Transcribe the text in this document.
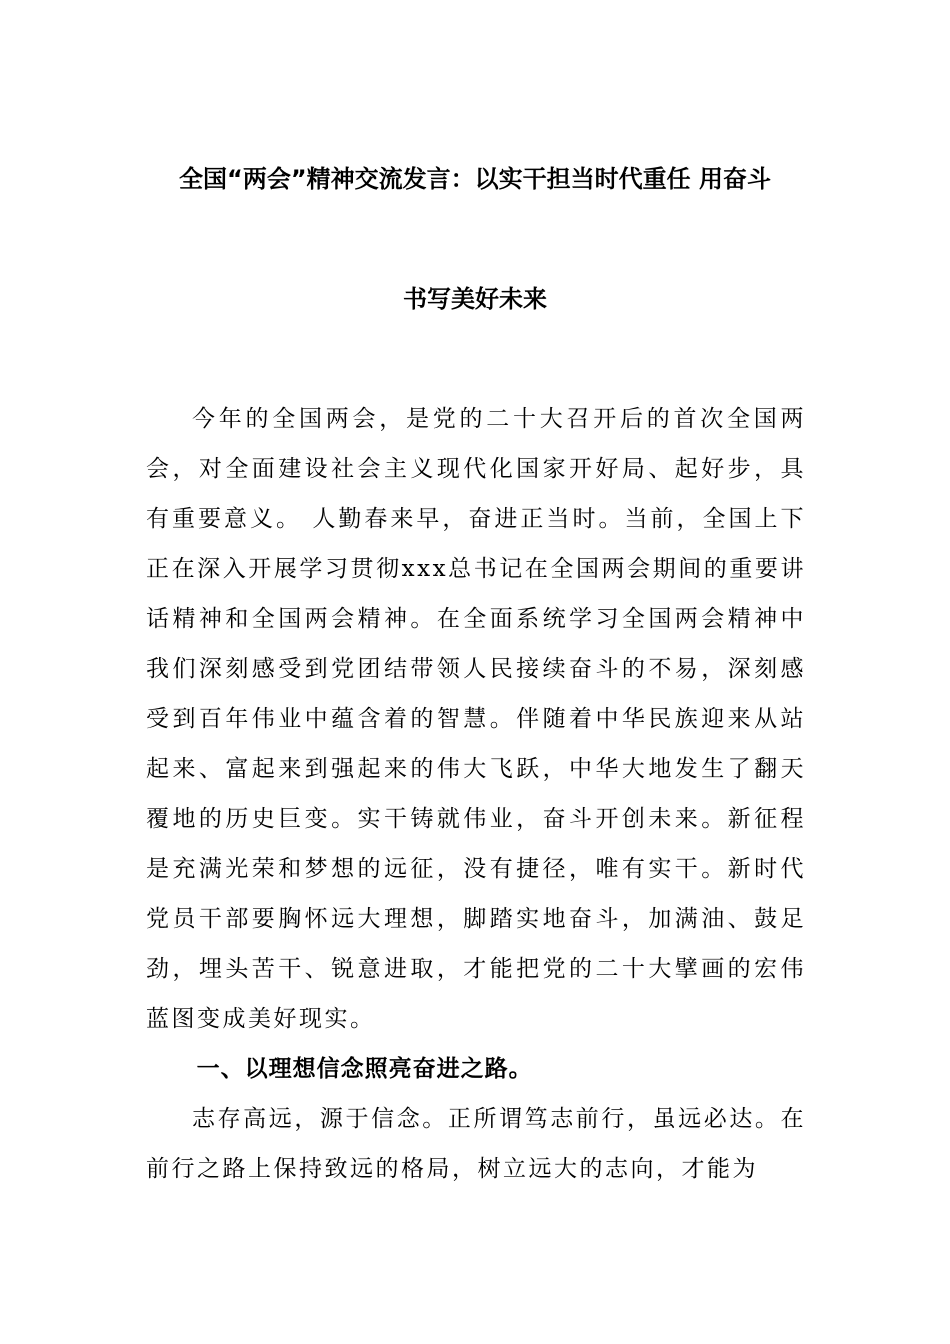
全国“两会”精神交流发言：以实干担当时代重任 用奋斗
书写美好未来

今年的全国两会，是党的二十大召开后的首次全国两会，对全面建设社会主义现代化国家开好局、起好步，具有重要意义。 人勤春来早，奋进正当时。当前，全国上下正在深入开展学习贯彻xxx总书记在全国两会期间的重要讲话精神和全国两会精神。在全面系统学习全国两会精神中我们深刻感受到党团结带领人民接续奋斗的不易，深刻感受到百年伟业中蕴含着的智慧。伴随着中华民族迎来从站起来、富起来到强起来的伟大飞跃，中华大地发生了翻天覆地的历史巨变。实干铸就伟业，奋斗开创未来。新征程是充满光荣和梦想的远征，没有捷径，唯有实干。新时代党员干部要胸怀远大理想，脚踏实地奋斗，加满油、鼓足劲，埋头苦干、锐意进取，才能把党的二十大擘画的宏伟蓝图变成美好现实。

一、以理想信念照亮奋进之路。

志存高远，源于信念。正所谓笃志前行，虽远必达。在前行之路上保持致远的格局，树立远大的志向，才能为
